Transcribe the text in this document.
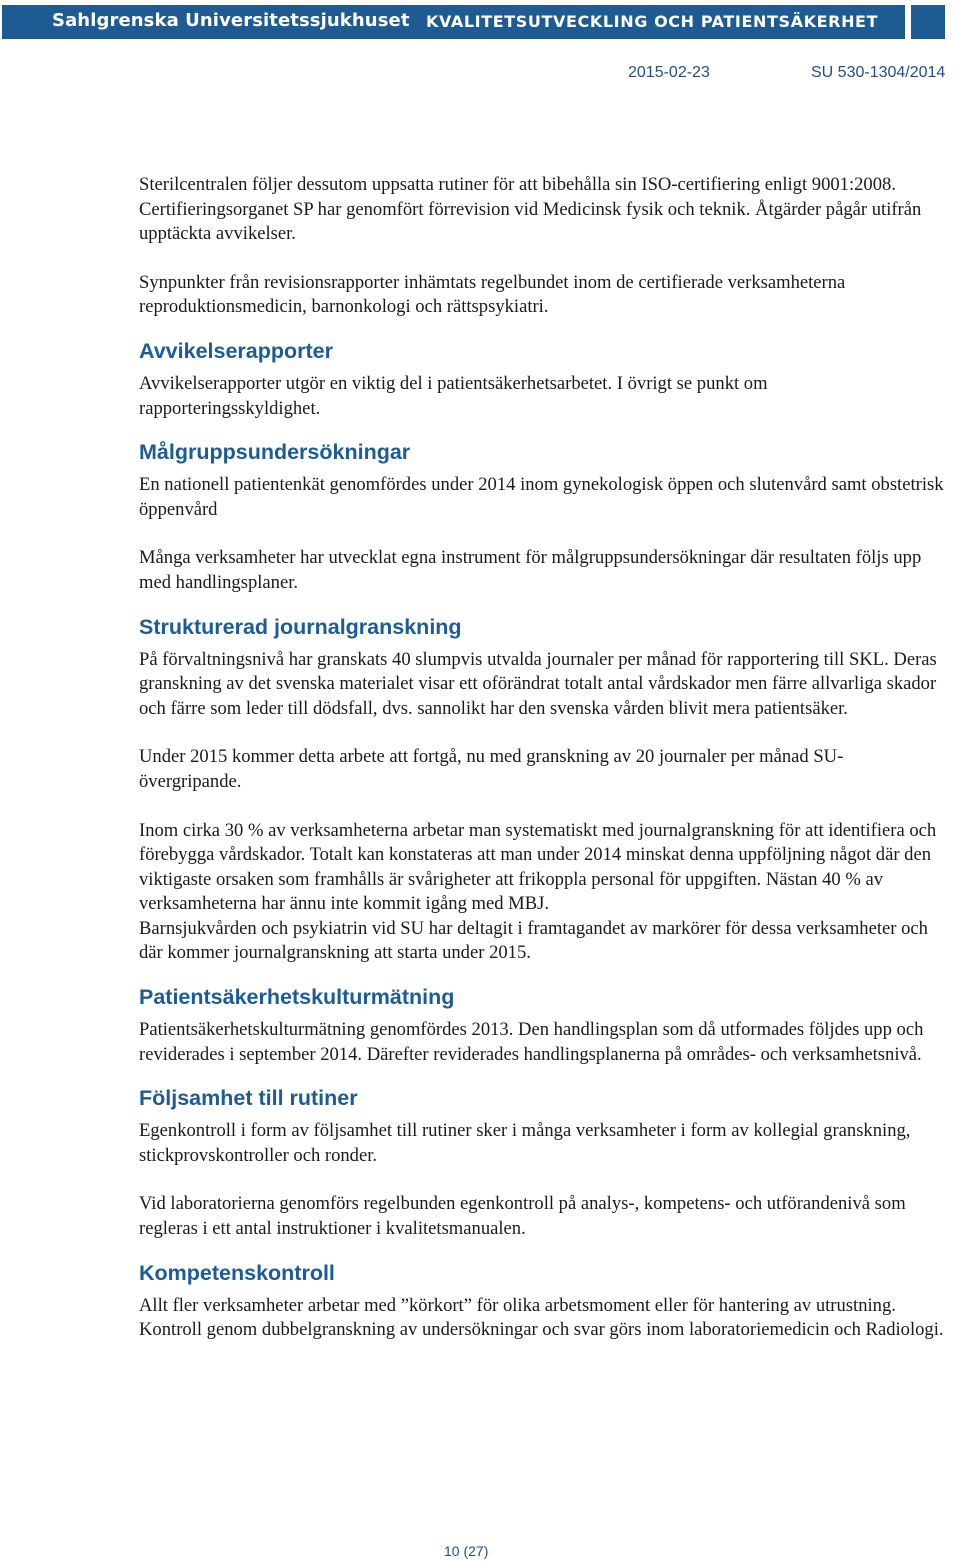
Sahlgrenska Universitetssjukhuset KVALITETSUTVECKLING OCH PATIENTSÄKERHET
2015-02-23	SU 530-1304/2014

Sterilcentralen följer dessutom uppsatta rutiner för att bibehålla sin ISO-certifiering enligt 9001:2008. Certifieringsorganet SP har genomfört förrevision vid Medicinsk fysik och teknik. Åtgärder pågår utifrån upptäckta avvikelser.

Synpunkter från revisionsrapporter inhämtats regelbundet inom de certifierade verksamheterna reproduktionsmedicin, barnonkologi och rättspsykiatri.

Avvikelserapporter

Avvikelserapporter utgör en viktig del i patientsäkerhetsarbetet. I övrigt se punkt om rapporteringsskyldighet.

Målgruppsundersökningar

En nationell patientenkät genomfördes under 2014 inom gynekologisk öppen och slutenvård samt obstetrisk öppenvård

Många verksamheter har utvecklat egna instrument för målgruppsundersökningar där resultaten följs upp med handlingsplaner.

Strukturerad journalgranskning

På förvaltningsnivå har granskats 40 slumpvis utvalda journaler per månad för rapportering till SKL. Deras granskning av det svenska materialet visar ett oförändrat totalt antal vårdskador men färre allvarliga skador och färre som leder till dödsfall, dvs. sannolikt har den svenska vården blivit mera patientsäker.

Under 2015 kommer detta arbete att fortgå, nu med granskning av 20 journaler per månad SU-övergripande.

Inom cirka 30 % av verksamheterna arbetar man systematiskt med journalgranskning för att identifiera och förebygga vårdskador. Totalt kan konstateras att man under 2014 minskat denna uppföljning något där den viktigaste orsaken som framhålls är svårigheter att frikoppla personal för uppgiften. Nästan 40 % av verksamheterna har ännu inte kommit igång med MBJ.

Barnsjukvården och psykiatrin vid SU har deltagit i framtagandet av markörer för dessa verksamheter och där kommer journalgranskning att starta under 2015.

Patientsäkerhetskulturmätning

Patientsäkerhetskulturmätning genomfördes 2013. Den handlingsplan som då utformades följdes upp och reviderades i september 2014. Därefter reviderades handlingsplanerna på områdes- och verksamhetsnivå.

Följsamhet till rutiner

Egenkontroll i form av följsamhet till rutiner sker i många verksamheter i form av kollegial granskning, stickprovskontroller och ronder.

Vid laboratorierna genomförs regelbunden egenkontroll på analys-, kompetens- och utförandenivå som regleras i ett antal instruktioner i kvalitetsmanualen.

Kompetenskontroll

Allt fler verksamheter arbetar med ”körkort” för olika arbetsmoment eller för hantering av utrustning. Kontroll genom dubbelgranskning av undersökningar och svar görs inom laboratoriemedicin och Radiologi.

10 (27)
